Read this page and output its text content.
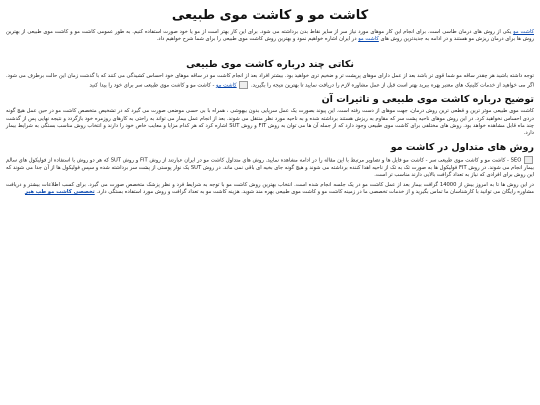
کاشت مو و کاشت موی طبیعی

کاشت مو یکی از روش های درمان طاسی است. برای انجام این کار موهای مورد نیاز سر از سایر نقاط بدن برداشته می شود. برای این کار بهتر است از مو یا خود صورت استفاده کنیم. به طور عمومی کاشت مو و کاشت موی طبیعی از بهترین روش ها برای درمان ریزش مو هستند و در ادامه به جدیدترین روش های کاشت مو در ایران اشاره خواهیم نمود و بهترین روش کاشت موی طبیعی را برای شما شرح خواهیم داد.

نکاتی چند درباره کاشت موی طبیعی

توجه داشته باشید هر چقدر ساقه مو شما قوی تر باشد بعد از عمل دارای موهای پرپشت تر و ضخیم تری خواهید بود. بیشتر افراد بعد از انجام کاشت مو در ساقه موهای خود احساس کشیدگی می کنند که با گذشت زمان این حالت برطرف می شود. اگر می خواهید از خدمات کلینیک های معتبر بهره ببرید بهتر است قبل از عمل مشاوره لازم را دریافت نمایید تا بهترین نتیجه را بگیرید.  کاشت مو - کاشت مو و کاشت موی طبیعی سر برای خود را پیدا کنید

توضیح درباره کاشت موی طبیعی و تاثیرات آن

کاشت موی طبیعی موثر ترین و قطعی ترین روش درمان، جهت موهای از دست رفته است. این پیوند بصورت یک عمل سرپایی بدون بیهوشی ، همراه با بی حسی موضعی صورت می گیرد که در تشخیص متخصص کاشت مو در حین عمل هیچ گونه دردی احساس نخواهید کرد. در این روش موهای ناحیه پشت سر که مقاوم به ریزش هستند برداشته شده و به ناحیه مورد نظر منتقل می شوند. بعد از انجام عمل بیمار می تواند به راحتی به کارهای روزمره خود بازگردد و نتیجه نهایی پس از گذشت چند ماه قابل مشاهده خواهد بود. روش های مختلفی برای کاشت موی طبیعی وجود دارد که از جمله آن ها می توان به روش FIT و روش SUT اشاره کرد که هر کدام مزایا و معایب خاص خود را دارند و انتخاب روش مناسب بستگی به شرایط بیمار دارد.

روش های متداول در کاشت مو

SEO - کاشت مو و کاشت موی طبیعی سر - کاشت مو فایل ها و تصاویر مرتبط با این مقاله را در ادامه مشاهده نمایید. روش های متداول کاشت مو در ایران عبارتند از روش FIT و روش SUT که هر دو روش با استفاده از فولیکول های سالم بیمار انجام می شوند. در روش FIT فولیکول ها به صورت تک به تک از ناحیه اهدا کننده برداشته می شوند و هیچ گونه جای بخیه ای باقی نمی ماند. در روش SUT یک نوار پوستی از پشت سر برداشته شده و سپس فولیکول ها از آن جدا می شوند که این روش برای افرادی که نیاز به تعداد گرافت بالایی دارند مناسب تر است.

در این روش ها تا به امروز بیش از 14000 گرافت بیمار بعد از عمل کاشت مو در یک جلسه انجام شده است. انتخاب بهترین روش کاشت مو با توجه به شرایط فرد و نظر پزشک متخصص صورت می گیرد. برای کسب اطلاعات بیشتر و دریافت مشاوره رایگان می توانید با کارشناسان ما تماس بگیرید و از خدمات تخصصی ما در زمینه کاشت مو و کاشت موی طبیعی بهره مند شوید. هزینه کاشت مو به تعداد گرافت و روش مورد استفاده بستگی دارد. تخصصی کاشت مو طب هیر
